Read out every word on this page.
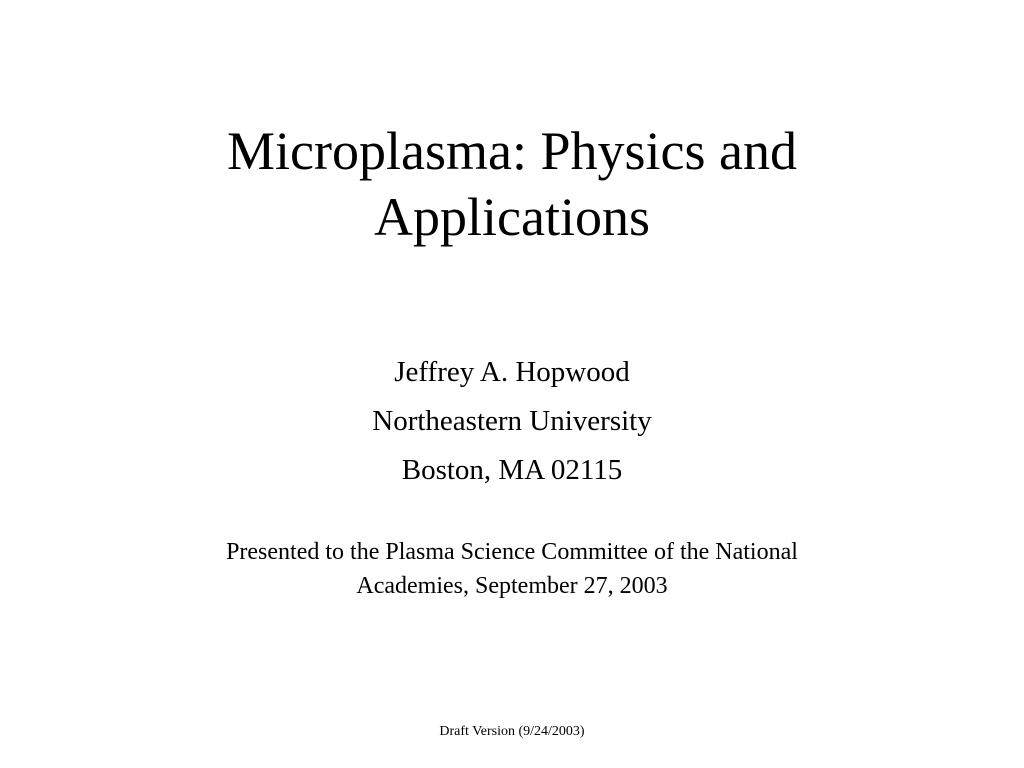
Microplasma: Physics and
Applications
Jeffrey A. Hopwood
Northeastern University
Boston, MA 02115
Presented to the Plasma Science Committee of the National
Academies, September 27, 2003
Draft Version (9/24/2003)
